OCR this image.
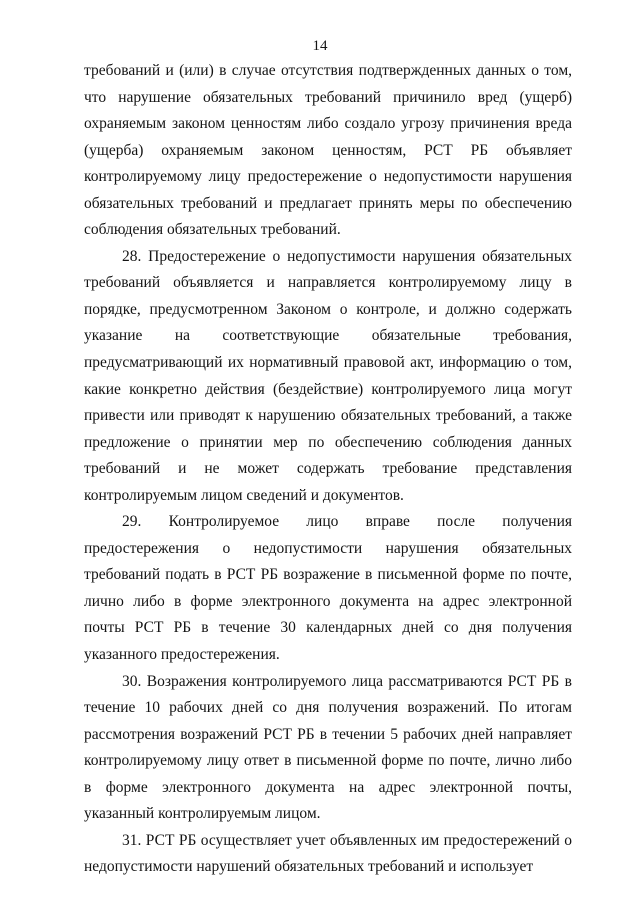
14

требований и (или) в случае отсутствия подтвержденных данных о том, что нарушение обязательных требований причинило вред (ущерб) охраняемым законом ценностям либо создало угрозу причинения вреда (ущерба) охраняемым законом ценностям, РСТ РБ объявляет контролируемому лицу предостережение о недопустимости нарушения обязательных требований и предлагает принять меры по обеспечению соблюдения обязательных требований.

28. Предостережение о недопустимости нарушения обязательных требований объявляется и направляется контролируемому лицу в порядке, предусмотренном Законом о контроле, и должно содержать указание на соответствующие обязательные требования, предусматривающий их нормативный правовой акт, информацию о том, какие конкретно действия (бездействие) контролируемого лица могут привести или приводят к нарушению обязательных требований, а также предложение о принятии мер по обеспечению соблюдения данных требований и не может содержать требование представления контролируемым лицом сведений и документов.

29. Контролируемое лицо вправе после получения предостережения о недопустимости нарушения обязательных требований подать в РСТ РБ возражение в письменной форме по почте, лично либо в форме электронного документа на адрес электронной почты РСТ РБ в течение 30 календарных дней со дня получения указанного предостережения.

30. Возражения контролируемого лица рассматриваются РСТ РБ в течение 10 рабочих дней со дня получения возражений. По итогам рассмотрения возражений РСТ РБ в течении 5 рабочих дней направляет контролируемому лицу ответ в письменной форме по почте, лично либо в форме электронного документа на адрес электронной почты, указанный контролируемым лицом.

31. РСТ РБ осуществляет учет объявленных им предостережений о недопустимости нарушений обязательных требований и использует
